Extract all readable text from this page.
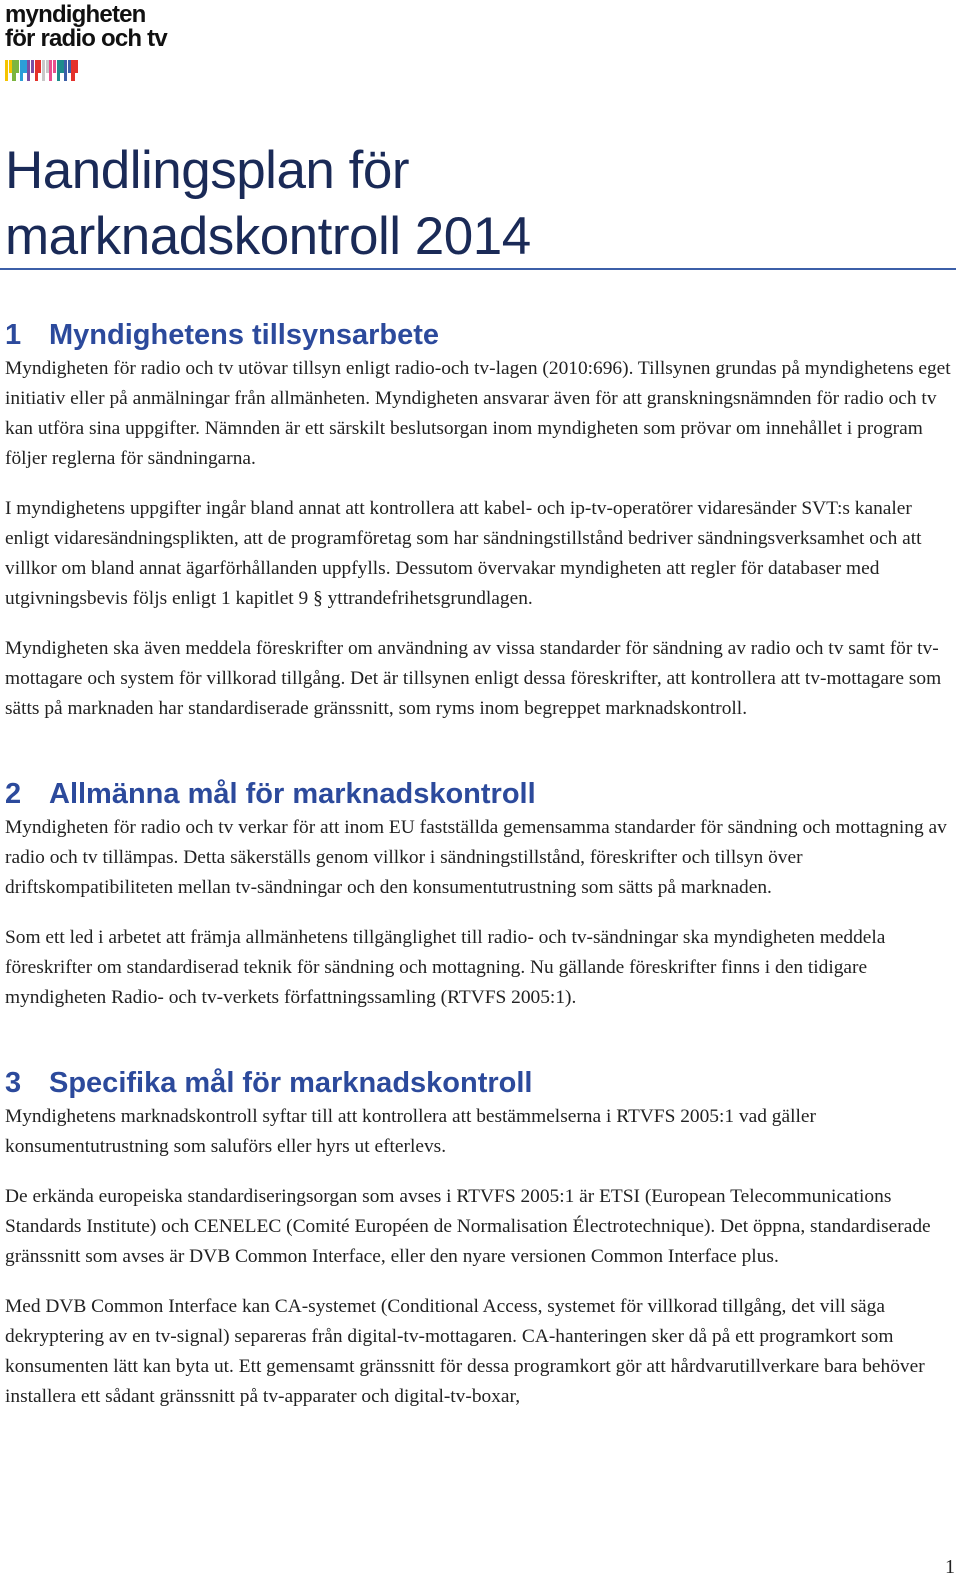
myndigheten
för radio och tv
Handlingsplan för
marknadskontroll 2014
1 Myndighetens tillsynsarbete

Myndigheten för radio och tv utövar tillsyn enligt radio-och tv-lagen (2010:696). Tillsynen grundas på myndighetens eget initiativ eller på anmälningar från allmänheten. Myndigheten ansvarar även för att granskningsnämnden för radio och tv kan utföra sina uppgifter. Nämnden är ett särskilt beslutsorgan inom myndigheten som prövar om innehållet i program följer reglerna för sändningarna.

I myndighetens uppgifter ingår bland annat att kontrollera att kabel- och ip-tv-operatörer vidaresänder SVT:s kanaler enligt vidaresändningsplikten, att de programföretag som har sändningstillstånd bedriver sändningsverksamhet och att villkor om bland annat ägarförhållanden uppfylls. Dessutom övervakar myndigheten att regler för databaser med utgivningsbevis följs enligt 1 kapitlet 9 § yttrandefrihetsgrundlagen.

Myndigheten ska även meddela föreskrifter om användning av vissa standarder för sändning av radio och tv samt för tv-mottagare och system för villkorad tillgång. Det är tillsynen enligt dessa föreskrifter, att kontrollera att tv-mottagare som sätts på marknaden har standardiserade gränssnitt, som ryms inom begreppet marknadskontroll.

2 Allmänna mål för marknadskontroll

Myndigheten för radio och tv verkar för att inom EU fastställda gemensamma standarder för sändning och mottagning av radio och tv tillämpas. Detta säkerställs genom villkor i sändningstillstånd, föreskrifter och tillsyn över driftskompatibiliteten mellan tv-sändningar och den konsumentutrustning som sätts på marknaden.

Som ett led i arbetet att främja allmänhetens tillgänglighet till radio- och tv-sändningar ska myndigheten meddela föreskrifter om standardiserad teknik för sändning och mottagning. Nu gällande föreskrifter finns i den tidigare myndigheten Radio- och tv-verkets författningssamling (RTVFS 2005:1).

3 Specifika mål för marknadskontroll

Myndighetens marknadskontroll syftar till att kontrollera att bestämmelserna i RTVFS 2005:1 vad gäller konsumentutrustning som saluförs eller hyrs ut efterlevs.

De erkända europeiska standardiseringsorgan som avses i RTVFS 2005:1 är ETSI (European Telecommunications Standards Institute) och CENELEC (Comité Européen de Normalisation Électrotechnique). Det öppna, standardiserade gränssnitt som avses är DVB Common Interface, eller den nyare versionen Common Interface plus.

Med DVB Common Interface kan CA-systemet (Conditional Access, systemet för villkorad tillgång, det vill säga dekryptering av en tv-signal) separeras från digital-tv-mottagaren. CA-hanteringen sker då på ett programkort som konsumenten lätt kan byta ut. Ett gemensamt gränssnitt för dessa programkort gör att hårdvarutillverkare bara behöver installera ett sådant gränssnitt på tv-apparater och digital-tv-boxar,

1
